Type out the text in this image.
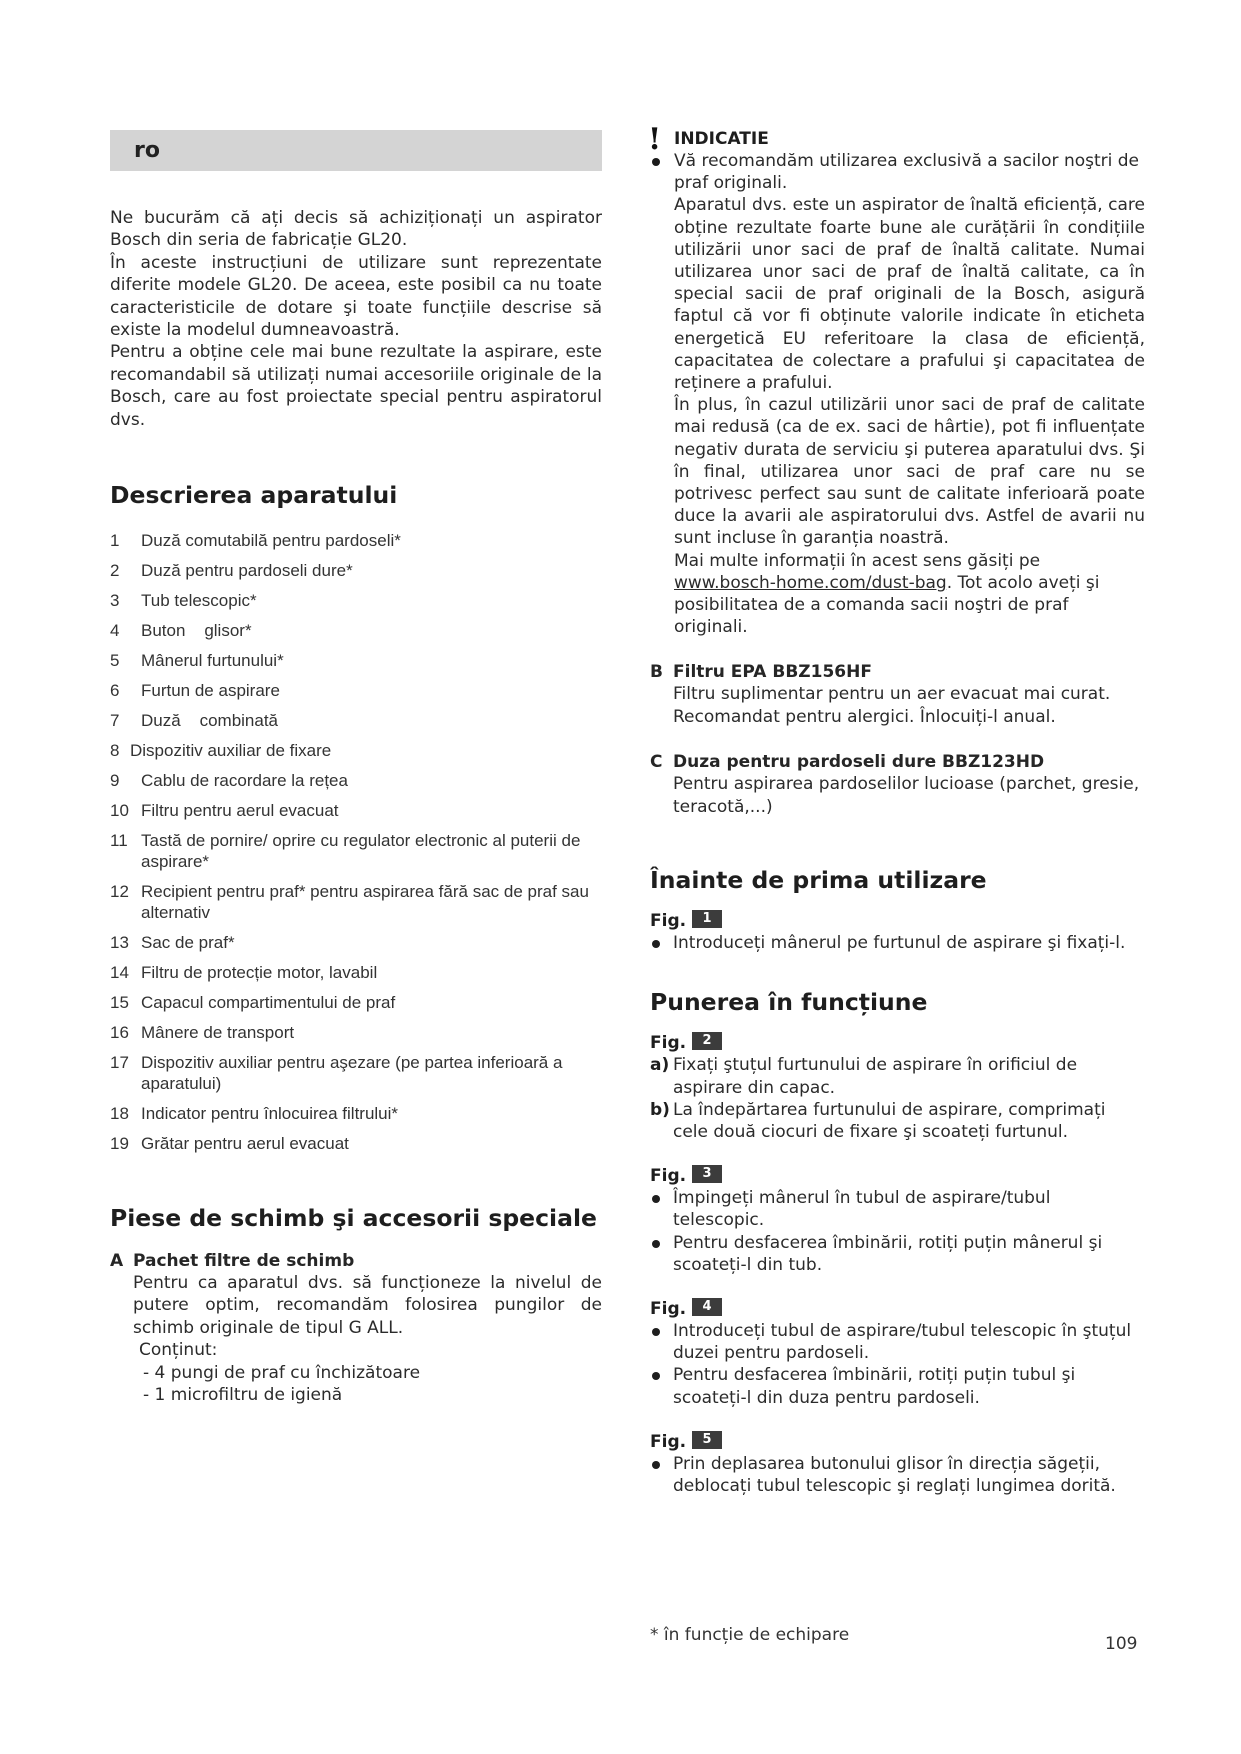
ro

Ne bucurăm că ați decis să achiziționați un aspirator Bosch din seria de fabricație GL20.

În aceste instrucțiuni de utilizare sunt reprezentate diferite modele GL20. De aceea, este posibil ca nu toate caracteristicile de dotare şi toate funcțiile descrise să existe la modelul dumneavoastră.

Pentru a obține cele mai bune rezultate la aspirare, este recomandabil să utilizați numai accesoriile originale de la Bosch, care au fost proiectate special pentru aspiratorul dvs.

Descrierea aparatului
1	Duză comutabilă pentru pardoseli*
2	Duză pentru pardoseli dure*
3	Tub telescopic*
4	Buton    glisor*
5	Mânerul furtunului*
6	Furtun de aspirare
7	Duză    combinată
8 Dispozitiv auxiliar de fixare
9	Cablu de racordare la rețea
10 Filtru pentru aerul evacuat
11 Tastă de pornire/ oprire cu regulator electronic al puterii de aspirare*
12 Recipient pentru praf* pentru aspirarea fără sac de praf sau alternativ
13 Sac de praf*
14 Filtru de protecție motor, lavabil
15 Capacul compartimentului de praf
16 Mânere de transport
17 Dispozitiv auxiliar pentru aşezare (pe partea inferioară a aparatului)
18 Indicator pentru înlocuirea filtrului*
19 Grătar pentru aerul evacuat
Piese de schimb şi accesorii speciale
A Pachet filtre de schimb

Pentru ca aparatul dvs. să funcționeze la nivelul de putere optim, recomandăm folosirea pungilor de schimb originale de tipul G ALL.

Conținut:

- 4 pungi de praf cu închizătoare

- 1 microfiltru de igienă

! INDICATIE

Vă recomandăm utilizarea exclusivă a sacilor noştri de praf originali.

Aparatul dvs. este un aspirator de înaltă eficiență, care obține rezultate foarte bune ale curățării în condițiile utilizării unor saci de praf de înaltă calitate. Numai utilizarea unor saci de praf de înaltă calitate, ca în special sacii de praf originali de la Bosch, asigură faptul că vor fi obținute valorile indicate în eticheta energetică EU referitoare la clasa de eficiență, capacitatea de colectare a prafului şi capacitatea de reținere a prafului.

În plus, în cazul utilizării unor saci de praf de calitate mai redusă (ca de ex. saci de hârtie), pot fi influențate negativ durata de serviciu şi puterea aparatului dvs. Şi în final, utilizarea unor saci de praf care nu se potrivesc perfect sau sunt de calitate inferioară poate duce la avarii ale aspiratorului dvs. Astfel de avarii nu sunt incluse în garanția noastră.

Mai multe informații în acest sens găsiți pe
www.bosch-home.com/dust-bag. Tot acolo aveți şi posibilitatea de a comanda sacii noştri de praf originali.

B Filtru EPA BBZ156HF
Filtru suplimentar pentru un aer evacuat mai curat. Recomandat pentru alergici. Înlocuiți-l anual.
C Duza pentru pardoseli dure BBZ123HD
Pentru aspirarea pardoselilor lucioase (parchet, gresie, teracotă,...)
Înainte de prima utilizare
Fig.	1
Introduceți mânerul pe furtunul de aspirare şi fixați-l.
Punerea în funcțiune
Fig.	2
a) Fixați ştuțul furtunului de aspirare în orificiul de aspirare din capac.
b) La îndepărtarea furtunului de aspirare, comprimați cele două ciocuri de fixare şi scoateți furtunul.
Fig.	3
Împingeți mânerul în tubul de aspirare/tubul telescopic.
Pentru desfacerea îmbinării, rotiți puțin mânerul şi scoateți-l din tub.
Fig.	4
Introduceți tubul de aspirare/tubul telescopic în ştuțul duzei pentru pardoseli.
Pentru desfacerea îmbinării, rotiți puțin tubul şi scoateți-l din duza pentru pardoseli.
Fig.	5
Prin deplasarea butonului glisor în direcția săgeții, deblocați tubul telescopic şi reglați lungimea dorită.
* în funcție de echipare	109
